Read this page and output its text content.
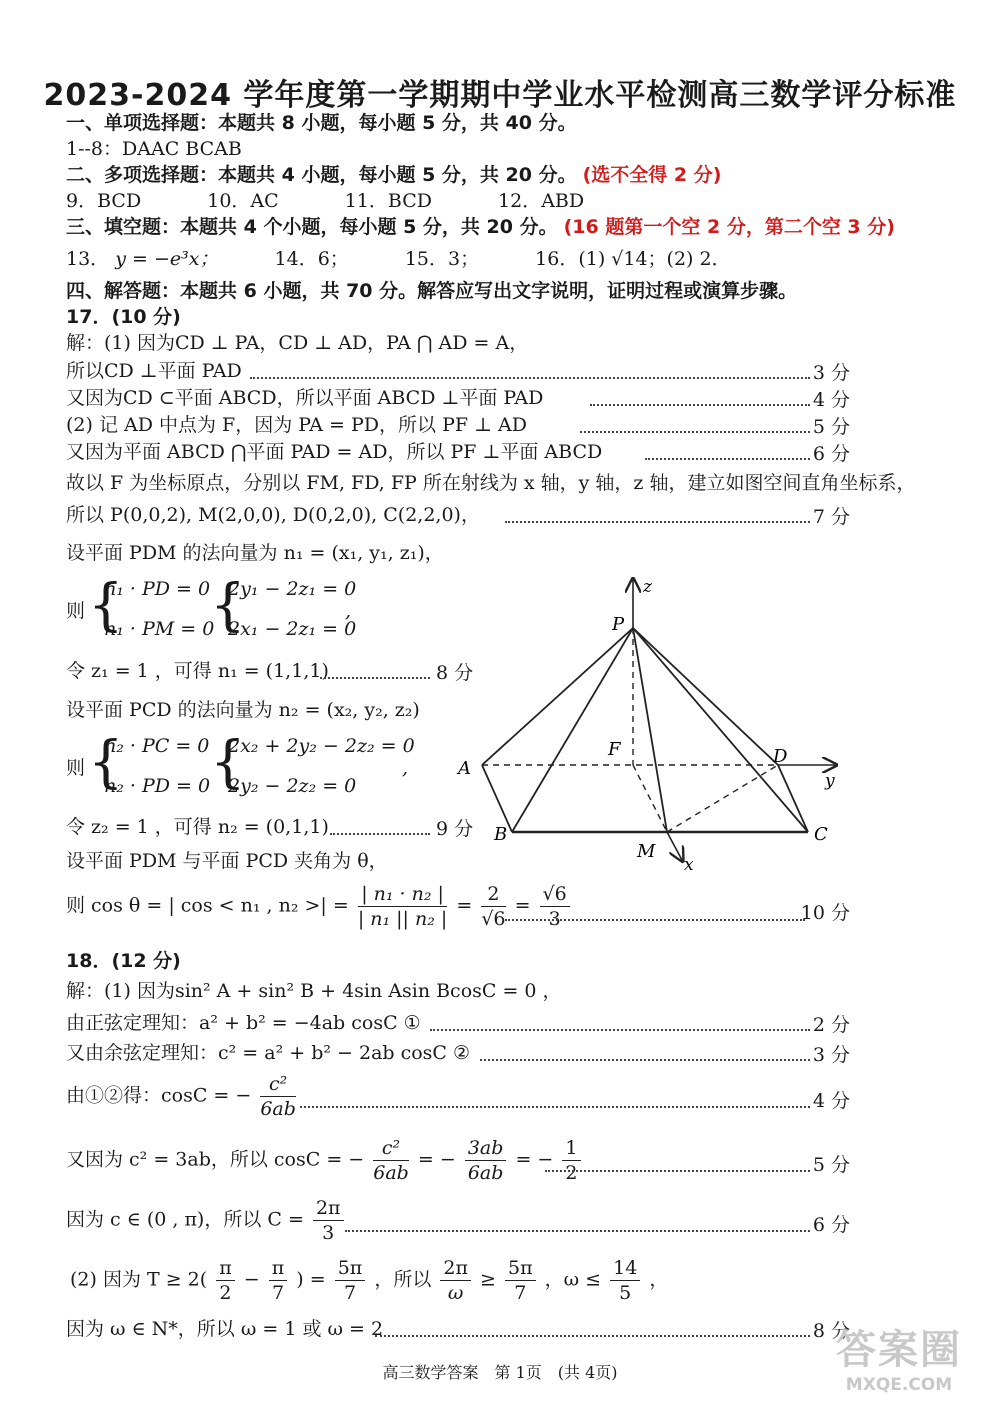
2023-2024 学年度第一学期期中学业水平检测高三数学评分标准
一、单项选择题：本题共 8 小题，每小题 5 分，共 40 分。
1--8：DAAC BCAB
二、多项选择题：本题共 4 小题，每小题 5 分，共 20 分。 (选不全得 2 分)
9．BCD	10．AC	11．BCD	12．ABD
三、填空题：本题共 4 个小题，每小题 5 分，共 20 分。 (16 题第一个空 2 分，第二个空 3 分)
13． y = −e³x；	14．6；	15．3；	16．(1) √14；(2) 2．
四、解答题：本题共 6 小题，共 70 分。解答应写出文字说明，证明过程或演算步骤。
17．(10 分)
解：(1) 因为CD ⊥ PA，CD ⊥ AD，PA ⋂ AD = A，
所以CD ⊥平面 PAD	3 分
又因为CD ⊂平面 ABCD，所以平面 ABCD ⊥平面 PAD	4 分
(2) 记 AD 中点为 F，因为 PA = PD，所以 PF ⊥ AD	5 分
又因为平面 ABCD ⋂平面 PAD = AD，所以 PF ⊥平面 ABCD	6 分
故以 F 为坐标原点，分别以 FM, FD, FP 所在射线为 x 轴，y 轴，z 轴，建立如图空间直角坐标系，
所以 P(0,0,2), M(2,0,0), D(0,2,0), C(2,2,0)，	7 分
设平面 PDM 的法向量为 n₁ = (x₁, y₁, z₁)，
则 {
n₁ · PD = 0
n₁ · PM = 0
{
2y₁ − 2z₁ = 0
2x₁ − 2z₁ = 0
,
令 z₁ = 1 ，可得 n₁ = (1,1,1)	8 分
设平面 PCD 的法向量为 n₂ = (x₂, y₂, z₂)
则 {
n₂ · PC = 0
n₂ · PD = 0 {
2x₂ + 2y₂ − 2z₂ = 0
2y₂ − 2z₂ = 0
,
令 z₂ = 1 ，可得 n₂ = (0,1,1)	9 分
设平面 PDM 与平面 PCD 夹角为 θ，
则 cos θ = | cos < n₁ , n₂ >| = $\frac{\text{| n₁ · n₂ |}}{\text{| n₁ || n₂ |}} = \frac{2}{√6} = \frac{√6}{3}$	10 分
z
P
F	D
A
y
B	C
M
x
18．(12 分)
解：(1) 因为sin² A + sin² B + 4sin Asin BcosC = 0 ，
由正弦定理知：a² + b² = −4ab cosC ①	2 分
又由余弦定理知：c² = a² + b² − 2ab cosC ②	3 分
由①②得：cosC = − $\frac{\text{c²}}{6ab}$	4 分
又因为 c² = 3ab，所以 cosC = − $\frac{\text{c²}}{6ab}$ = − $\frac{3ab}{6ab}$ = − $\frac{1}{2}$	5 分
因为 c ∈ (0 , π)，所以 $C = \frac{2\pi}{3}$	6 分
(2) 因为 $T \ge 2( \frac{\pi}{2} - \frac{\pi}{7}$ ) = $\frac{5\pi}{7}$ ，所以 $\frac{2\pi}{\omega} \ge \frac{5\pi}{7}$ ，$\omega \le \frac{14}{5}$ ，
因为 ω ∈ N*，所以 ω = 1 或 ω = 2	8 分
高三数学答案　第 1页　(共 4页)	答案圈
MXQE.COM
